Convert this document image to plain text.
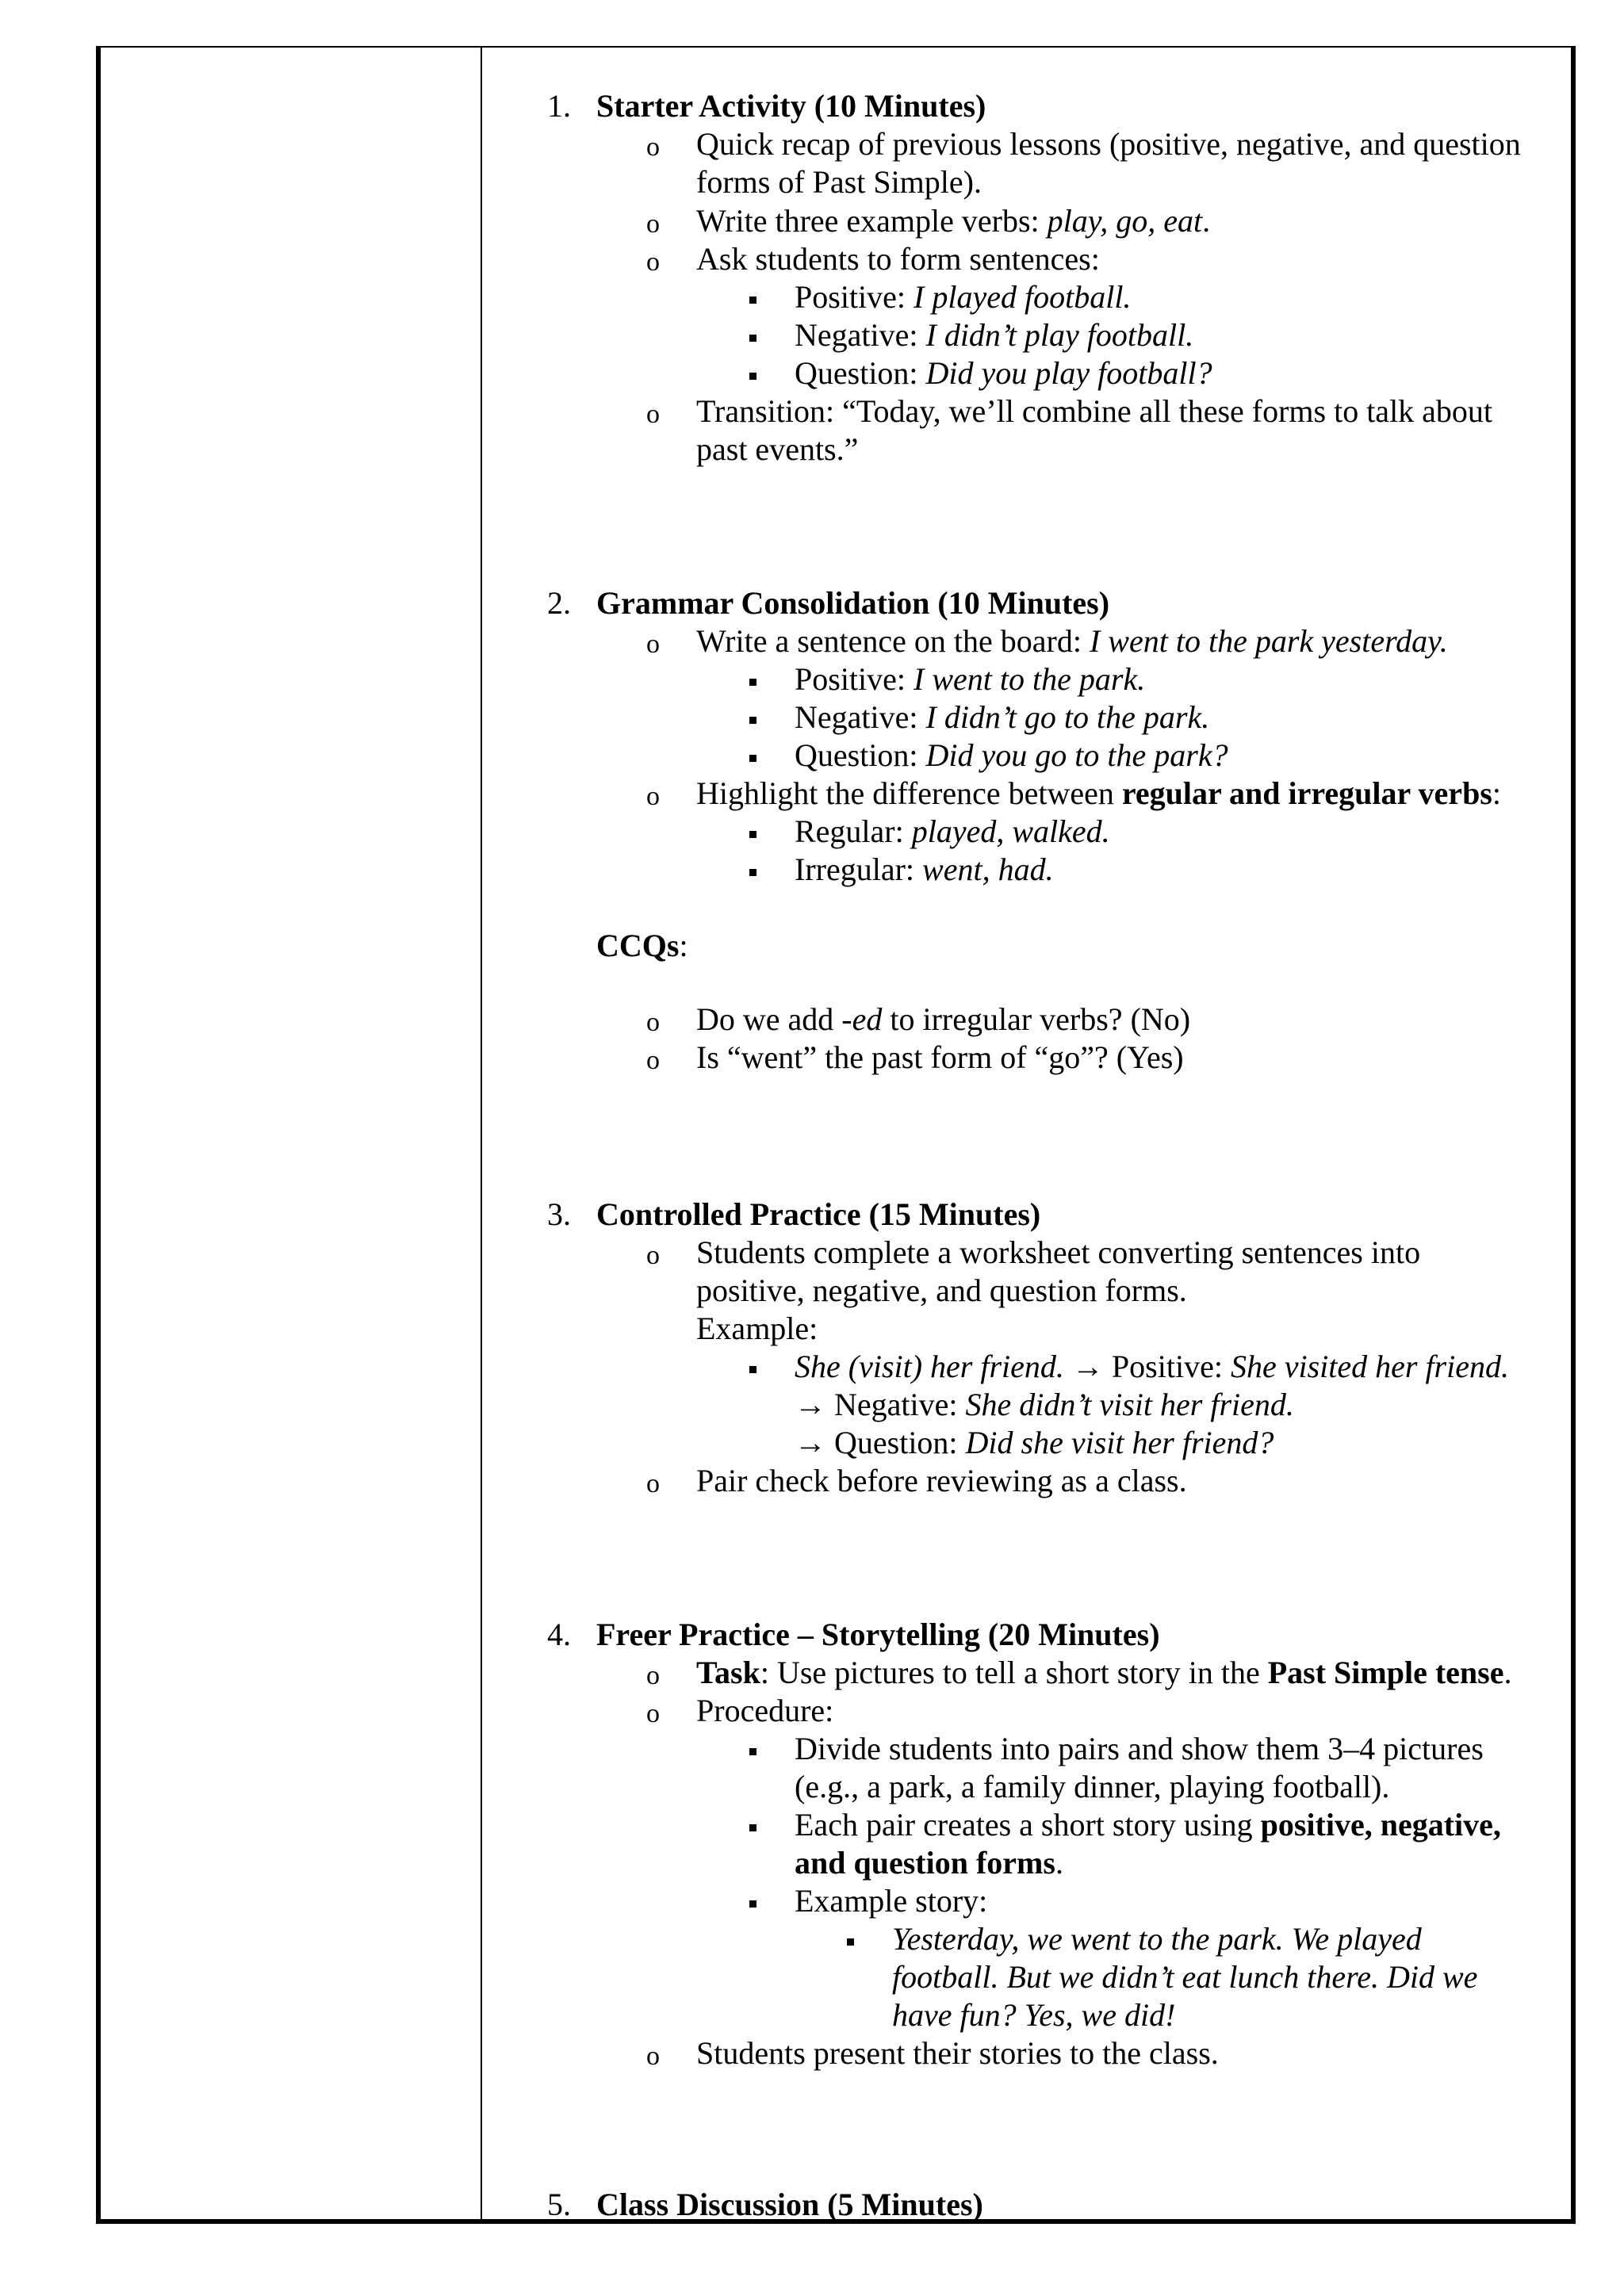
1. Starter Activity (10 Minutes)
o Quick recap of previous lessons (positive, negative, and question
forms of Past Simple).
o Write three example verbs: play, go, eat.
o Ask students to form sentences:
Positive: I played football.
Negative: I didn’t play football.
Question: Did you play football?
o Transition: “Today, we’ll combine all these forms to talk about
past events.”
2. Grammar Consolidation (10 Minutes)
o Write a sentence on the board: I went to the park yesterday.
Positive: I went to the park.
Negative: I didn’t go to the park.
Question: Did you go to the park?
o Highlight the difference between regular and irregular verbs:
Regular: played, walked.
Irregular: went, had.
CCQs:
o Do we add -ed to irregular verbs? (No)
o Is “went” the past form of “go”? (Yes)
3. Controlled Practice (15 Minutes)
o Students complete a worksheet converting sentences into
positive, negative, and question forms.
Example:
She (visit) her friend. → Positive: She visited her friend.
→ Negative: She didn’t visit her friend.
→ Question: Did she visit her friend?
o Pair check before reviewing as a class.
4. Freer Practice – Storytelling (20 Minutes)
o Task: Use pictures to tell a short story in the Past Simple tense.
o Procedure:
Divide students into pairs and show them 3–4 pictures
(e.g., a park, a family dinner, playing football).
Each pair creates a short story using positive, negative,
and question forms.
Example story:
Yesterday, we went to the park. We played
football. But we didn’t eat lunch there. Did we
have fun? Yes, we did!
o Students present their stories to the class.
5. Class Discussion (5 Minutes)
